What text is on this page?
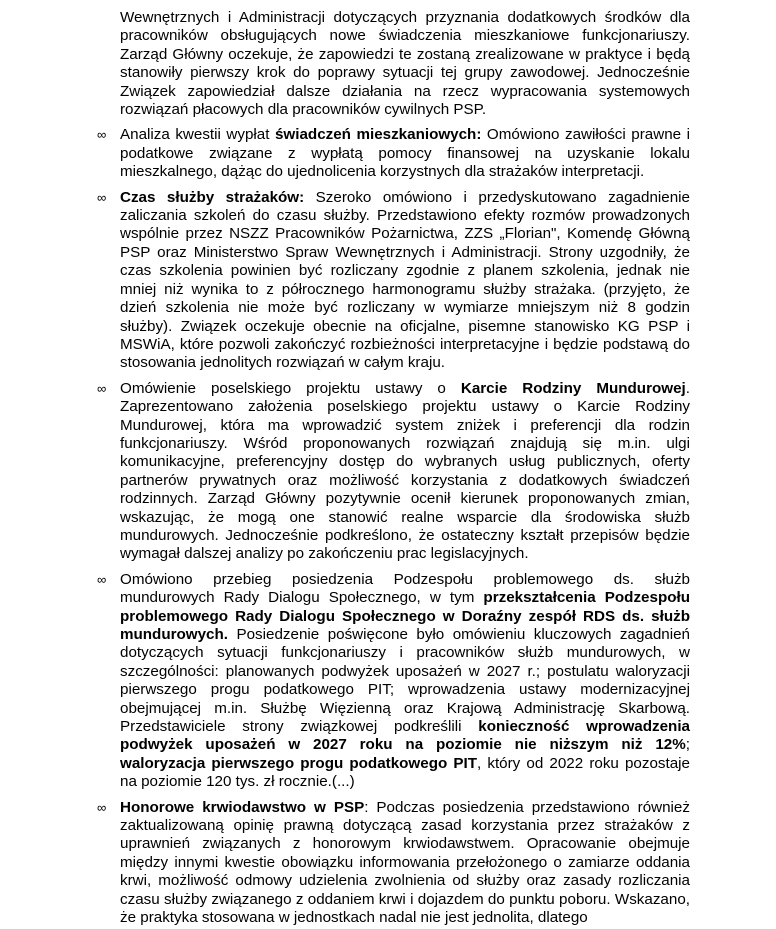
Wewnętrznych i Administracji dotyczących przyznania dodatkowych środków dla pracowników obsługujących nowe świadczenia mieszkaniowe funkcjonariuszy. Zarząd Główny oczekuje, że zapowiedzi te zostaną zrealizowane w praktyce i będą stanowiły pierwszy krok do poprawy sytuacji tej grupy zawodowej. Jednocześnie Związek zapowiedział dalsze działania na rzecz wypracowania systemowych rozwiązań płacowych dla pracowników cywilnych PSP.
∞ Analiza kwestii wypłat świadczeń mieszkaniowych: Omówiono zawiłości prawne i podatkowe związane z wypłatą pomocy finansowej na uzyskanie lokalu mieszkalnego, dążąc do ujednolicenia korzystnych dla strażaków interpretacji.
∞ Czas służby strażaków: Szeroko omówiono i przedyskutowano zagadnienie zaliczania szkoleń do czasu służby. Przedstawiono efekty rozmów prowadzonych wspólnie przez NSZZ Pracowników Pożarnictwa, ZZS „Florian", Komendę Główną PSP oraz Ministerstwo Spraw Wewnętrznych i Administracji. Strony uzgodniły, że czas szkolenia powinien być rozliczany zgodnie z planem szkolenia, jednak nie mniej niż wynika to z półrocznego harmonogramu służby strażaka. (przyjęto, że dzień szkolenia nie może być rozliczany w wymiarze mniejszym niż 8 godzin służby). Związek oczekuje obecnie na oficjalne, pisemne stanowisko KG PSP i MSWiA, które pozwoli zakończyć rozbieżności interpretacyjne i będzie podstawą do stosowania jednolitych rozwiązań w całym kraju.
∞ Omówienie poselskiego projektu ustawy o Karcie Rodziny Mundurowej. Zaprezentowano założenia poselskiego projektu ustawy o Karcie Rodziny Mundurowej, która ma wprowadzić system zniżek i preferencji dla rodzin funkcjonariuszy. Wśród proponowanych rozwiązań znajdują się m.in. ulgi komunikacyjne, preferencyjny dostęp do wybranych usług publicznych, oferty partnerów prywatnych oraz możliwość korzystania z dodatkowych świadczeń rodzinnych. Zarząd Główny pozytywnie ocenił kierunek proponowanych zmian, wskazując, że mogą one stanowić realne wsparcie dla środowiska służb mundurowych. Jednocześnie podkreślono, że ostateczny kształt przepisów będzie wymagał dalszej analizy po zakończeniu prac legislacyjnych.
∞ Omówiono przebieg posiedzenia Podzespołu problemowego ds. służb mundurowych Rady Dialogu Społecznego, w tym przekształcenia Podzespołu problemowego Rady Dialogu Społecznego w Doraźny zespół RDS ds. służb mundurowych. Posiedzenie poświęcone było omówieniu kluczowych zagadnień dotyczących sytuacji funkcjonariuszy i pracowników służb mundurowych, w szczególności: planowanych podwyżek uposażeń w 2027 r.; postulatu waloryzacji pierwszego progu podatkowego PIT; wprowadzenia ustawy modernizacyjnej obejmującej m.in. Służbę Więzienną oraz Krajową Administrację Skarbową. Przedstawiciele strony związkowej podkreślili konieczność wprowadzenia podwyżek uposażeń w 2027 roku na poziomie nie niższym niż 12%; waloryzacja pierwszego progu podatkowego PIT, który od 2022 roku pozostaje na poziomie 120 tys. zł rocznie.(...)
∞ Honorowe krwiodawstwo w PSP: Podczas posiedzenia przedstawiono również zaktualizowaną opinię prawną dotyczącą zasad korzystania przez strażaków z uprawnień związanych z honorowym krwiodawstwem. Opracowanie obejmuje między innymi kwestie obowiązku informowania przełożonego o zamiarze oddania krwi, możliwość odmowy udzielenia zwolnienia od służby oraz zasady rozliczania czasu służby związanego z oddaniem krwi i dojazdem do punktu poboru. Wskazano, że praktyka stosowana w jednostkach nadal nie jest jednolita, dlatego
